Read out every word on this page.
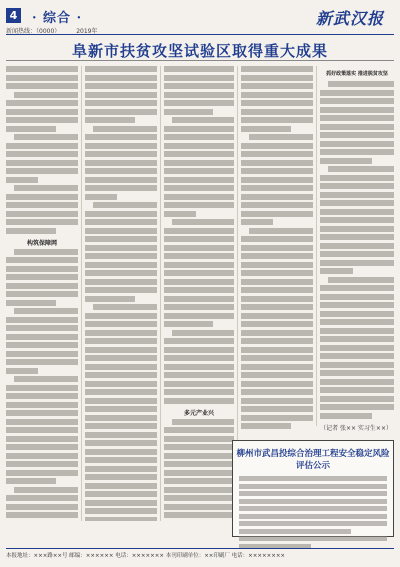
4 · 综合 ·	新武汉报
新闻热线：（0000）	2019年
阜新市扶贫攻坚试验区取得重大成果
构筑保障网
多元产业兴
抓好政策落实 推进脱贫攻坚
（记者 张×× 实习生××）
柳州市武昌投综合治理工程安全稳定风险评估公示
本报地址：×××路××号 邮编：×××××× 电话：××××××× 本刊印刷单位：××印刷厂 电话：××××××××
